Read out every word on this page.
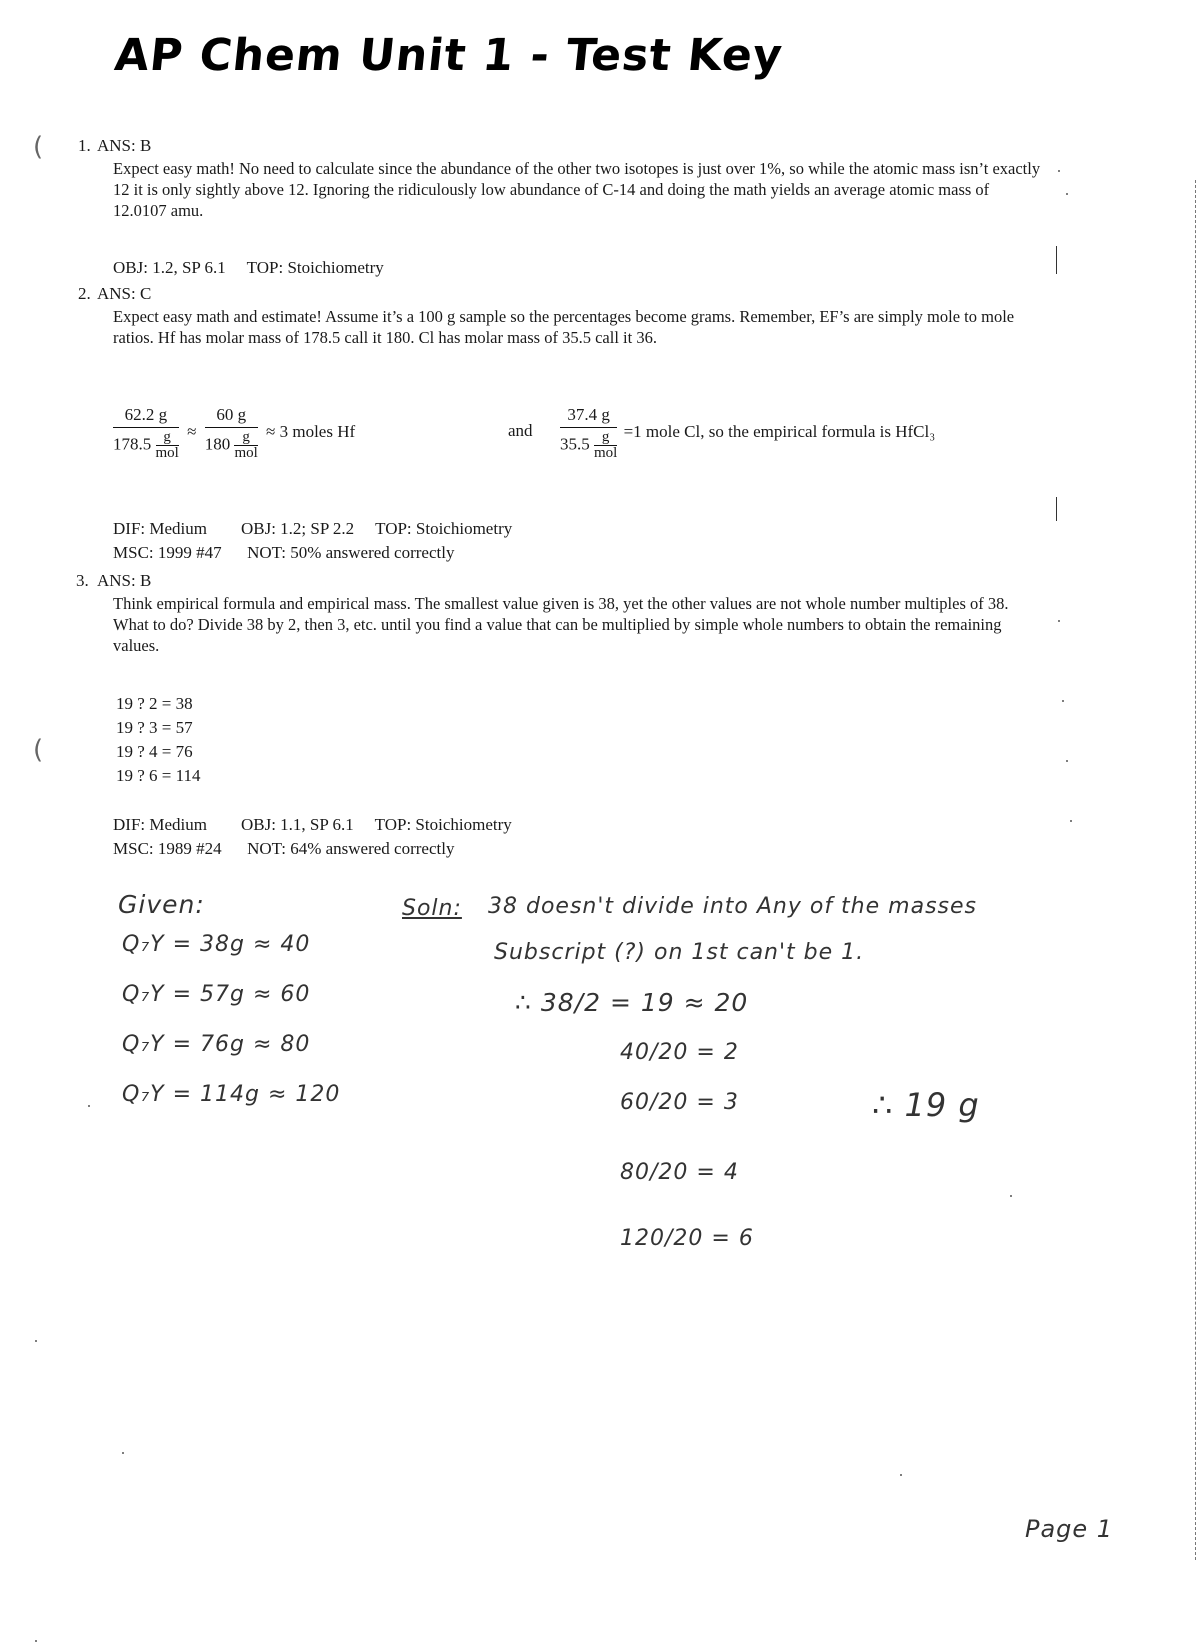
AP Chem Unit 1 - Test Key
( 1. ANS: B
Expect easy math! No need to calculate since the abundance of the other two isotopes is just over 1%, so while the atomic mass isn’t exactly 12 it is only sightly above 12. Ignoring the ridiculously low abundance of C-14 and doing the math yields an average atomic mass of 12.0107 amu.
OBJ: 1.2, SP 6.1     TOP: Stoichiometry
2. ANS: C
Expect easy math and estimate! Assume it’s a 100 g sample so the percentages become grams. Remember, EF’s are simply mole to mole ratios. Hf has molar mass of 178.5 call it 180. Cl has molar mass of 35.5 call it 36.
62.2 g
178.5 g
mol ≈ 60 g
180 g
mol ≈ 3 moles Hf	and 37.4 g
35.5 g
mol =1 mole Cl, so the empirical formula is HfCl₃
DIF: Medium        OBJ: 1.2; SP 2.2     TOP: Stoichiometry
MSC: 1999 #47      NOT: 50% answered correctly
3. ANS: B
Think empirical formula and empirical mass. The smallest value given is 38, yet the other values are not whole number multiples of 38. What to do? Divide 38 by 2, then 3, etc. until you find a value that can be multiplied by simple whole numbers to obtain the remaining values.
19 ? 2 = 38
19 ? 3 = 57
19 ? 4 = 76
19 ? 6 = 114
(
DIF: Medium        OBJ: 1.1, SP 6.1     TOP: Stoichiometry
MSC: 1989 #24      NOT: 64% answered correctly
Given:
Q₇Y = 38g ≈ 40
Q₇Y = 57g ≈ 60
Q₇Y = 76g ≈ 80
Q₇Y = 114g ≈ 120
Soln: 38 doesn't divide into Any of the masses
Subscript (?) on 1st can't be 1.
∴ 38/2 = 19 ≈ 20
40/20 = 2
60/20 = 3
80/20 = 4
120/20 = 6
∴ 19 g
Page 1
